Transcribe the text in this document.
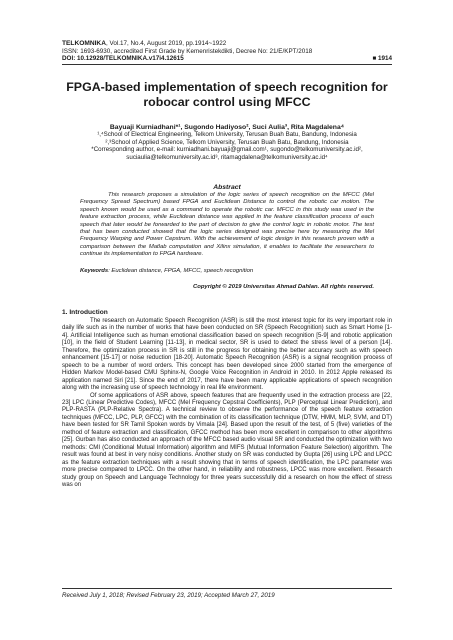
TELKOMNIKA, Vol.17, No.4, August 2019, pp.1914~1922
ISSN: 1693-6930, accredited First Grade by Kemenristekdikti, Decree No: 21/E/KPT/2018
DOI: 10.12928/TELKOMNIKA.v17i4.12615	■ 1914
FPGA-based implementation of speech recognition for robocar control using MFCC
Bayuaji Kurniadhani*¹, Sugondo Hadiyoso², Suci Aulia³, Rita Magdalena⁴
¹,⁴School of Electrical Engineering, Telkom University, Terusan Buah Batu, Bandung, Indonesia
²,³School of Applied Science, Telkom University, Terusan Buah Batu, Bandung, Indonesia
*Corresponding author, e-mail: kurniadhani.bayuaji@gmail.com¹, sugondo@telkomuniversity.ac.id²,
suciaulia@telkomuniversity.ac.id³, ritamagdalena@telkomuniversity.ac.id⁴
Abstract
This research proposes a simulation of the logic series of speech recognition on the MFCC (Mel Frequency Spread Spectrum) based FPGA and Euclidean Distance to control the robotic car motion. The speech known would be used as a command to operate the robotic car. MFCC in this study was used in the feature extraction process, while Euclidean distance was applied in the feature classification process of each speech that later would be forwarded to the part of decision to give the control logic in robotic motor. The test that has been conducted showed that the logic series designed was precise here by measuring the Mel Frequency Warping and Power Cepstrum. With the achievement of logic design in this research proven with a comparison between the Matlab computation and Xilinx simulation, it enables to facilitate the researchers to continue its implementation to FPGA hardware.
Keywords: Euclidean distance, FPGA, MFCC, speech recognition
Copyright © 2019 Universitas Ahmad Dahlan. All rights reserved.
1. Introduction

The research on Automatic Speech Recognition (ASR) is still the most interest topic for its very important role in daily life such as in the number of works that have been conducted on SR (Speech Recognition) such as Smart Home [1-4]. Artificial Intelligence such as human emotional classification based on speech recognition [5-9] and robotic application [10], in the field of Student Learning [11-13], in medical sector, SR is used to detect the stress level of a person [14]. Therefore, the optimization process in SR is still in the progress for obtaining the better accuracy such as with speech enhancement [15-17] or noise reduction [18-20]. Automatic Speech Recognition (ASR) is a signal recognition process of speech to be a number of word orders. This concept has been developed since 2000 started from the emergence of Hidden Markov Model-based CMU Sphinx-N, Google Voice Recognition in Android in 2010. In 2012 Apple released its application named Siri [21]. Since the end of 2017, there have been many applicable applications of speech recognition along with the increasing use of speech technology in real life environment.

Of some applications of ASR above, speech features that are frequently used in the extraction process are [22, 23] LPC (Linear Predictive Codes), MFCC (Mel Frequency Cepstral Coefficients), PLP (Perceptual Linear Prediction), and PLP-RASTA (PLP-Relative Spectra). A technical review to observe the performance of the speech feature extraction techniques (MFCC, LPC, PLP, GFCC) with the combination of its classification technique (DTW, HMM, MLP, SVM, and DT) have been tested for SR Tamil Spoken words by Vimala [24]. Based upon the result of the test, of 5 (five) varieties of the method of feature extraction and classification, GFCC method has been more excellent in comparison to other algorithms [25]. Gurban has also conducted an approach of the MFCC based audio visual SR and conducted the optimization with two methods: CMI (Conditional Mutual Information) algorithm and MIFS (Mutual Information Feature Selection) algorithm. The result was found at best in very noisy conditions. Another study on SR was conducted by Gupta [26] using LPC and LPCC as the feature extraction techniques with a result showing that in terms of speech identification, the LPC parameter was more precise compared to LPCC. On the other hand, in reliability and robustness, LPCC was more excellent. Research study group on Speech and Language Technology for three years successfully did a research on how the effect of stress was on

Received July 1, 2018; Revised February 23, 2019; Accepted March 27, 2019
